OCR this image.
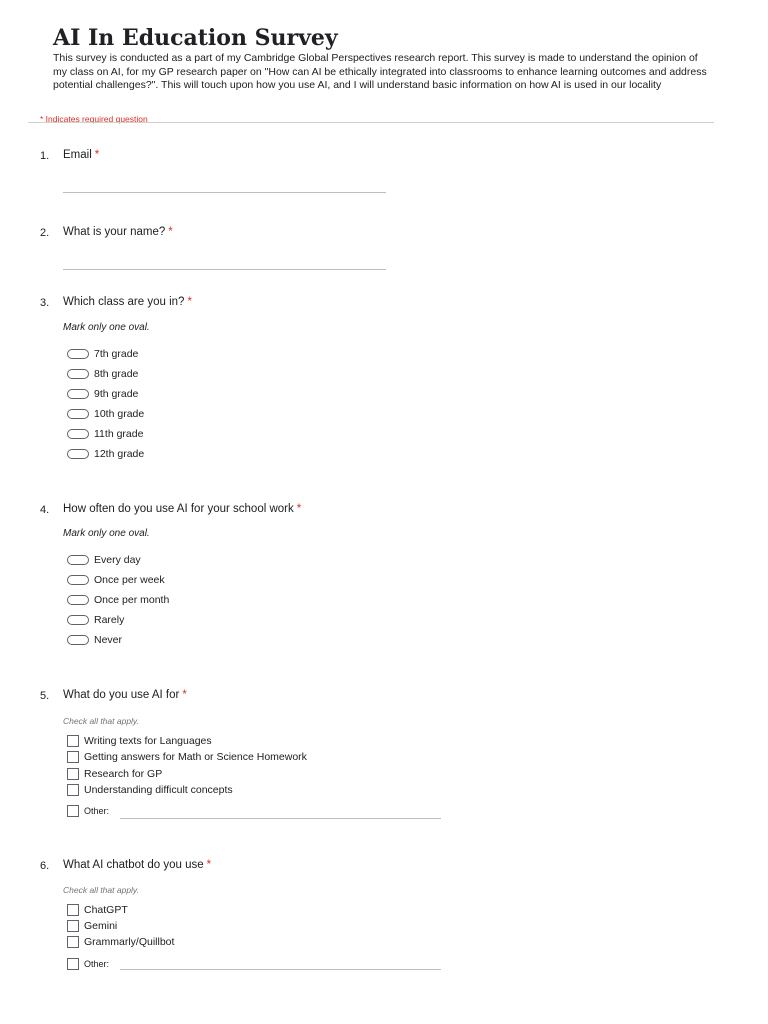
AI In Education Survey
This survey is conducted as a part of my Cambridge Global Perspectives research report. This survey is made to understand the opinion of my class on AI, for my GP research paper on "How can AI be ethically integrated into classrooms to enhance learning outcomes and address potential challenges?". This will touch upon how you use AI, and I will understand basic information on how AI is used in our locality
* Indicates required question
1. Email *
2. What is your name? *
3. Which class are you in? *
Mark only one oval.
7th grade
8th grade
9th grade
10th grade
11th grade
12th grade
4. How often do you use AI for your school work *
Mark only one oval.
Every day
Once per week
Once per month
Rarely
Never
5. What do you use AI for *
Check all that apply.
Writing texts for Languages
Getting answers for Math or Science Homework
Research for GP
Understanding difficult concepts
Other:
6. What AI chatbot do you use *
Check all that apply.
ChatGPT
Gemini
Grammarly/Quillbot
Other:
